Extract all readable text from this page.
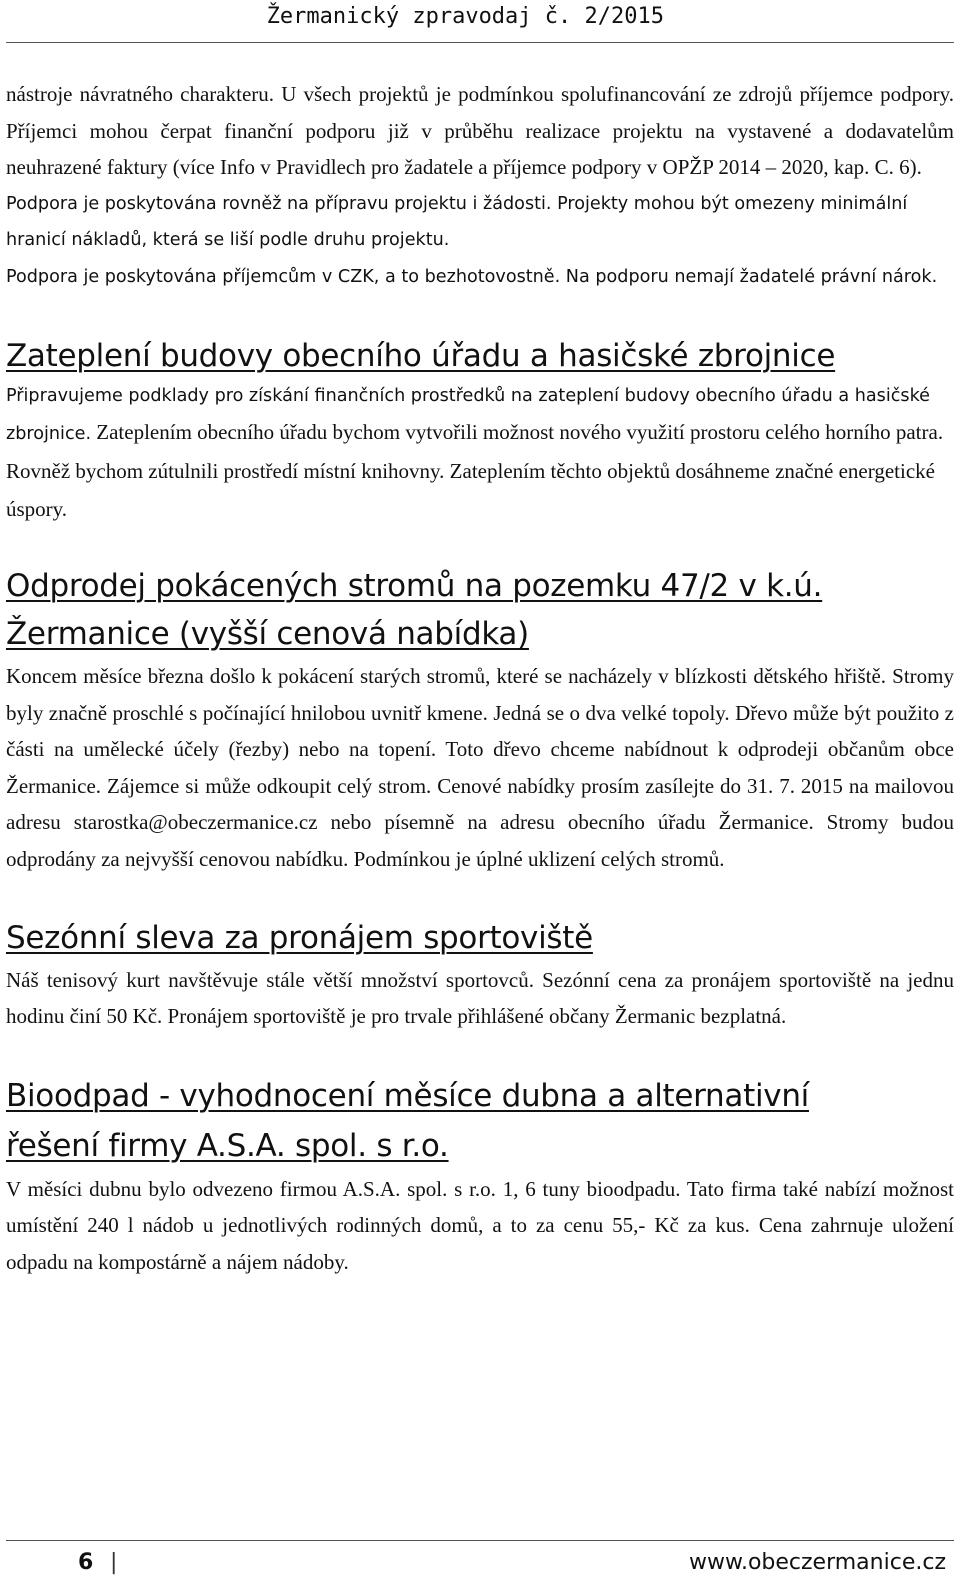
Žermanický zpravodaj č. 2/2015

nástroje návratného charakteru. U všech projektů je podmínkou spolufinancování ze zdrojů příjemce podpory. Příjemci mohou čerpat finanční podporu již v průběhu realizace projektu na vystavené a dodavatelům neuhrazené faktury (více Info v Pravidlech pro žadatele a příjemce podpory v OPŽP 2014 – 2020, kap. C. 6).

Podpora je poskytována rovněž na přípravu projektu i žádosti. Projekty mohou být omezeny minimální hranicí nákladů, která se liší podle druhu projektu.

Podpora je poskytována příjemcům v CZK, a to bezhotovostně. Na podporu nemají žadatelé právní nárok.

Zateplení budovy obecního úřadu a hasičské zbrojnice

Připravujeme podklady pro získání finančních prostředků na zateplení budovy obecního úřadu a hasičské zbrojnice. Zateplením obecního úřadu bychom vytvořili možnost nového využití prostoru celého horního patra. Rovněž bychom zútulnili prostředí místní knihovny. Zateplením těchto objektů dosáhneme značné energetické úspory.

Odprodej pokácených stromů na pozemku 47/2 v k.ú.
Žermanice (vyšší cenová nabídka)

Koncem měsíce března došlo k pokácení starých stromů, které se nacházely v blízkosti dětského hřiště. Stromy byly značně proschlé s počínající hnilobou uvnitř kmene. Jedná se o dva velké topoly. Dřevo může být použito z části na umělecké účely (řezby) nebo na topení. Toto dřevo chceme nabídnout k odprodeji občanům obce Žermanice. Zájemce si může odkoupit celý strom. Cenové nabídky prosím zasílejte do 31. 7. 2015 na mailovou adresu starostka@obeczermanice.cz nebo písemně na adresu obecního úřadu Žermanice. Stromy budou odprodány za nejvyšší cenovou nabídku. Podmínkou je úplné uklizení celých stromů.

Sezónní sleva za pronájem sportoviště

Náš tenisový kurt navštěvuje stále větší množství sportovců. Sezónní cena za pronájem sportoviště na jednu hodinu činí 50 Kč. Pronájem sportoviště je pro trvale přihlášené občany Žermanic bezplatná.

Bioodpad - vyhodnocení měsíce dubna a alternativní
řešení firmy A.S.A. spol. s r.o.

V měsíci dubnu bylo odvezeno firmou A.S.A. spol. s r.o. 1, 6 tuny bioodpadu. Tato firma také nabízí možnost umístění 240 l nádob u jednotlivých rodinných domů, a to za cenu 55,- Kč za kus. Cena zahrnuje uložení odpadu na kompostárně a nájem nádoby.

6 |	www.obeczermanice.cz
